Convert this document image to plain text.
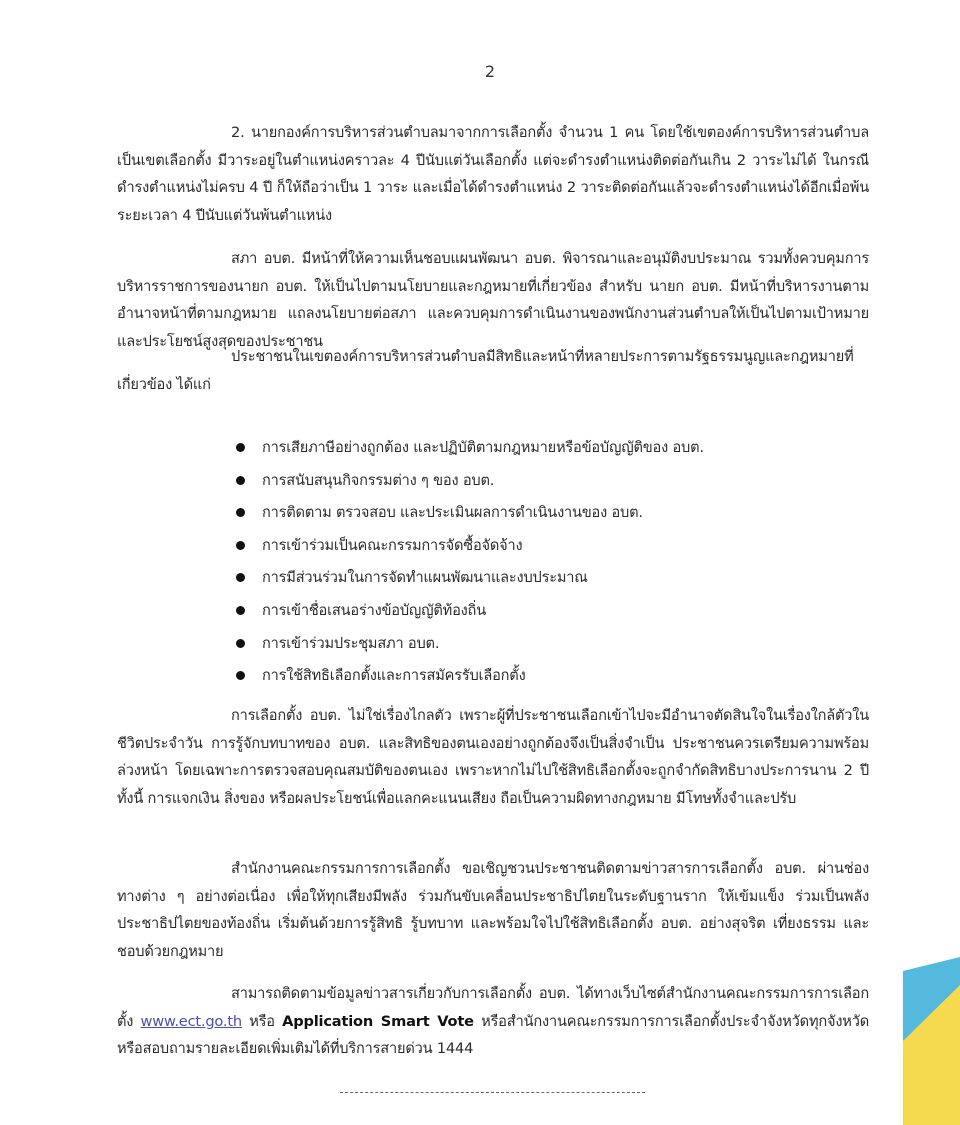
2

2. นายกองค์การบริหารส่วนตำบลมาจากการเลือกตั้ง จำนวน 1 คน โดยใช้เขตองค์การบริหารส่วนตำบลเป็นเขตเลือกตั้ง มีวาระอยู่ในตำแหน่งคราวละ 4 ปีนับแต่วันเลือกตั้ง แต่จะดำรงตำแหน่งติดต่อกันเกิน 2 วาระไม่ได้ ในกรณีดำรงตำแหน่งไม่ครบ 4 ปี ก็ให้ถือว่าเป็น 1 วาระ และเมื่อได้ดำรงตำแหน่ง 2 วาระติดต่อกันแล้วจะดำรงตำแหน่งได้อีกเมื่อพ้นระยะเวลา 4 ปีนับแต่วันพ้นตำแหน่ง

สภา อบต. มีหน้าที่ให้ความเห็นชอบแผนพัฒนา อบต. พิจารณาและอนุมัติงบประมาณ รวมทั้งควบคุมการบริหารราชการของนายก อบต. ให้เป็นไปตามนโยบายและกฎหมายที่เกี่ยวข้อง สำหรับ นายก อบต. มีหน้าที่บริหารงานตามอำนาจหน้าที่ตามกฎหมาย แถลงนโยบายต่อสภา และควบคุมการดำเนินงานของพนักงานส่วนตำบลให้เป็นไปตามเป้าหมายและประโยชน์สูงสุดของประชาชน

ประชาชนในเขตองค์การบริหารส่วนตำบลมีสิทธิและหน้าที่หลายประการตามรัฐธรรมนูญและกฎหมายที่เกี่ยวข้อง ได้แก่

การเสียภาษีอย่างถูกต้อง และปฏิบัติตามกฎหมายหรือข้อบัญญัติของ อบต.
การสนับสนุนกิจกรรมต่าง ๆ ของ อบต.
การติดตาม ตรวจสอบ และประเมินผลการดำเนินงานของ อบต.
การเข้าร่วมเป็นคณะกรรมการจัดซื้อจัดจ้าง
การมีส่วนร่วมในการจัดทำแผนพัฒนาและงบประมาณ
การเข้าชื่อเสนอร่างข้อบัญญัติท้องถิ่น
การเข้าร่วมประชุมสภา อบต.
การใช้สิทธิเลือกตั้งและการสมัครรับเลือกตั้ง

การเลือกตั้ง อบต. ไม่ใช่เรื่องไกลตัว เพราะผู้ที่ประชาชนเลือกเข้าไปจะมีอำนาจตัดสินใจในเรื่องใกล้ตัวในชีวิตประจำวัน การรู้จักบทบาทของ อบต. และสิทธิของตนเองอย่างถูกต้องจึงเป็นสิ่งจำเป็น ประชาชนควรเตรียมความพร้อมล่วงหน้า โดยเฉพาะการตรวจสอบคุณสมบัติของตนเอง เพราะหากไม่ไปใช้สิทธิเลือกตั้งจะถูกจำกัดสิทธิบางประการนาน 2 ปี ทั้งนี้ การแจกเงิน สิ่งของ หรือผลประโยชน์เพื่อแลกคะแนนเสียง ถือเป็นความผิดทางกฎหมาย มีโทษทั้งจำและปรับ

สำนักงานคณะกรรมการการเลือกตั้ง ขอเชิญชวนประชาชนติดตามข่าวสารการเลือกตั้ง อบต. ผ่านช่องทางต่าง ๆ อย่างต่อเนื่อง เพื่อให้ทุกเสียงมีพลัง ร่วมกันขับเคลื่อนประชาธิปไตยในระดับฐานราก ให้เข้มแข็ง ร่วมเป็นพลังประชาธิปไตยของท้องถิ่น เริ่มต้นด้วยการรู้สิทธิ รู้บทบาท และพร้อมใจไปใช้สิทธิเลือกตั้ง อบต. อย่างสุจริต เที่ยงธรรม และชอบด้วยกฎหมาย

สามารถติดตามข้อมูลข่าวสารเกี่ยวกับการเลือกตั้ง อบต. ได้ทางเว็บไซต์สำนักงานคณะกรรมการการเลือกตั้ง www.ect.go.th หรือ Application Smart Vote หรือสำนักงานคณะกรรมการการเลือกตั้งประจำจังหวัดทุกจังหวัด หรือสอบถามรายละเอียดเพิ่มเติมได้ที่บริการสายด่วน 1444
